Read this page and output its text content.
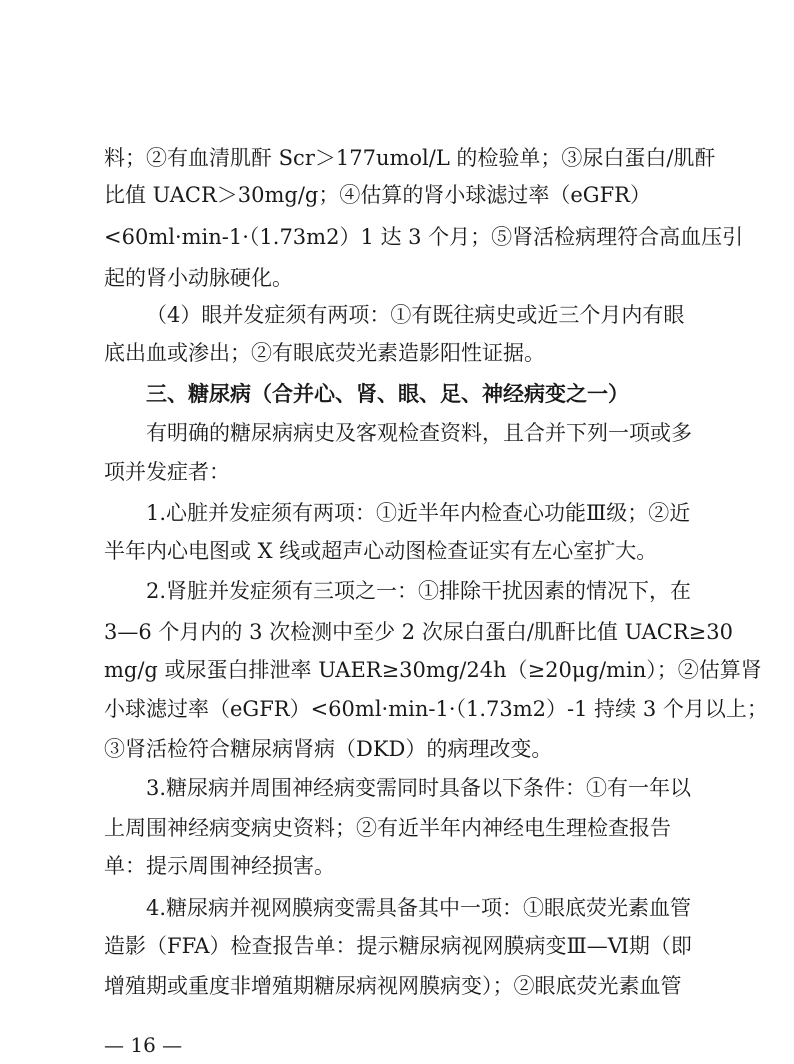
料；②有血清肌酐 Scr＞177umol/L 的检验单；③尿白蛋白/肌酐
比值 UACR＞30mg/g；④估算的肾小球滤过率（eGFR）
<60ml·min-1·（1.73m2）1 达 3 个月；⑤肾活检病理符合高血压引
起的肾小动脉硬化。
（4）眼并发症须有两项：①有既往病史或近三个月内有眼
底出血或渗出；②有眼底荧光素造影阳性证据。
三、糖尿病（合并心、肾、眼、足、神经病变之一）
有明确的糖尿病病史及客观检查资料，且合并下列一项或多
项并发症者：
1.心脏并发症须有两项：①近半年内检查心功能Ⅲ级；②近
半年内心电图或 X 线或超声心动图检查证实有左心室扩大。
2.肾脏并发症须有三项之一：①排除干扰因素的情况下，在
3—6 个月内的 3 次检测中至少 2 次尿白蛋白/肌酐比值 UACR≥30
mg/g 或尿蛋白排泄率 UAER≥30mg/24h（≥20μg/min）；②估算肾
小球滤过率（eGFR）<60ml·min-1·（1.73m2）-1 持续 3 个月以上；
③肾活检符合糖尿病肾病（DKD）的病理改变。
3.糖尿病并周围神经病变需同时具备以下条件：①有一年以
上周围神经病变病史资料；②有近半年内神经电生理检查报告
单：提示周围神经损害。
4.糖尿病并视网膜病变需具备其中一项：①眼底荧光素血管
造影（FFA）检查报告单：提示糖尿病视网膜病变Ⅲ—Ⅵ期（即
增殖期或重度非增殖期糖尿病视网膜病变）；②眼底荧光素血管
— 16 —
